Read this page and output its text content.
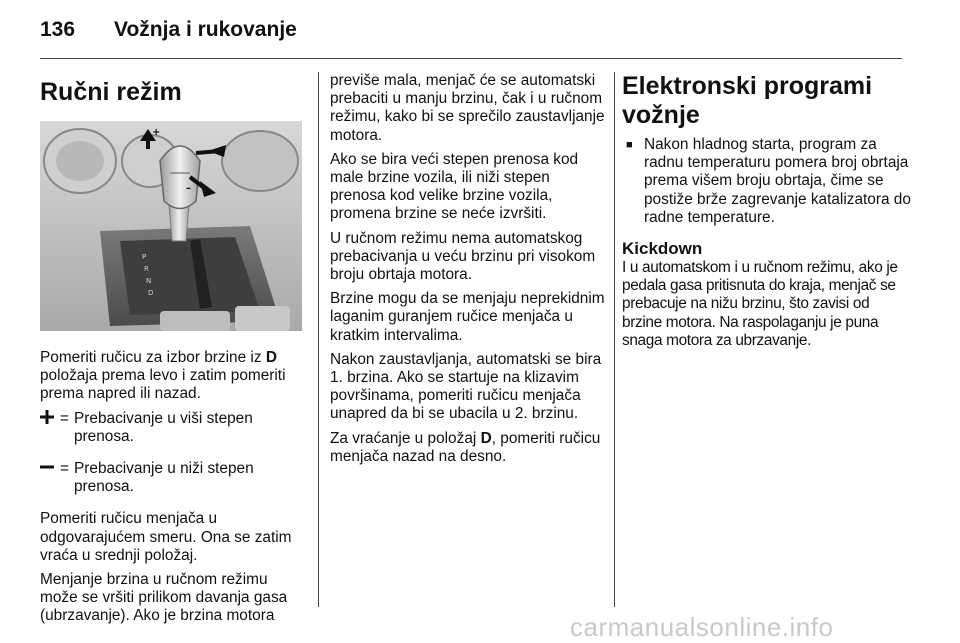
136 Vožnja i rukovanje
Ručni režim
P
R
N
D
+
–

Pomeriti ručicu za izbor brzine iz D položaja prema levo i zatim pomeriti prema napred ili nazad.

= Prebacivanje u viši stepen prenosa.
= Prebacivanje u niži stepen prenosa.

Pomeriti ručicu menjača u odgovarajućem smeru. Ona se zatim vraća u srednji položaj.

Menjanje brzina u ručnom režimu može se vršiti prilikom davanja gasa (ubrzavanje). Ako je brzina motora

previše mala, menjač će se automatski prebaciti u manju brzinu, čak i u ručnom režimu, kako bi se sprečilo zaustavljanje motora.

Ako se bira veći stepen prenosa kod male brzine vozila, ili niži stepen prenosa kod velike brzine vozila, promena brzine se neće izvršiti.

U ručnom režimu nema automatskog prebacivanja u veću brzinu pri visokom broju obrtaja motora.

Brzine mogu da se menjaju neprekidnim laganim guranjem ručice menjača u kratkim intervalima.

Nakon zaustavljanja, automatski se bira 1. brzina. Ako se startuje na klizavim površinama, pomeriti ručicu menjača unapred da bi se ubacila u 2. brzinu.

Za vraćanje u položaj D, pomeriti ručicu menjača nazad na desno.

Elektronski programi vožnje
■ Nakon hladnog starta, program za radnu temperaturu pomera broj obrtaja prema višem broju obrtaja, čime se postiže brže zagrevanje katalizatora do radne temperature.
Kickdown

I u automatskom i u ručnom režimu, ako je pedala gasa pritisnuta do kraja, menjač se prebacuje na nižu brzinu, što zavisi od brzine motora. Na raspolaganju je puna snaga motora za ubrzavanje.

carmanualsonline.info
